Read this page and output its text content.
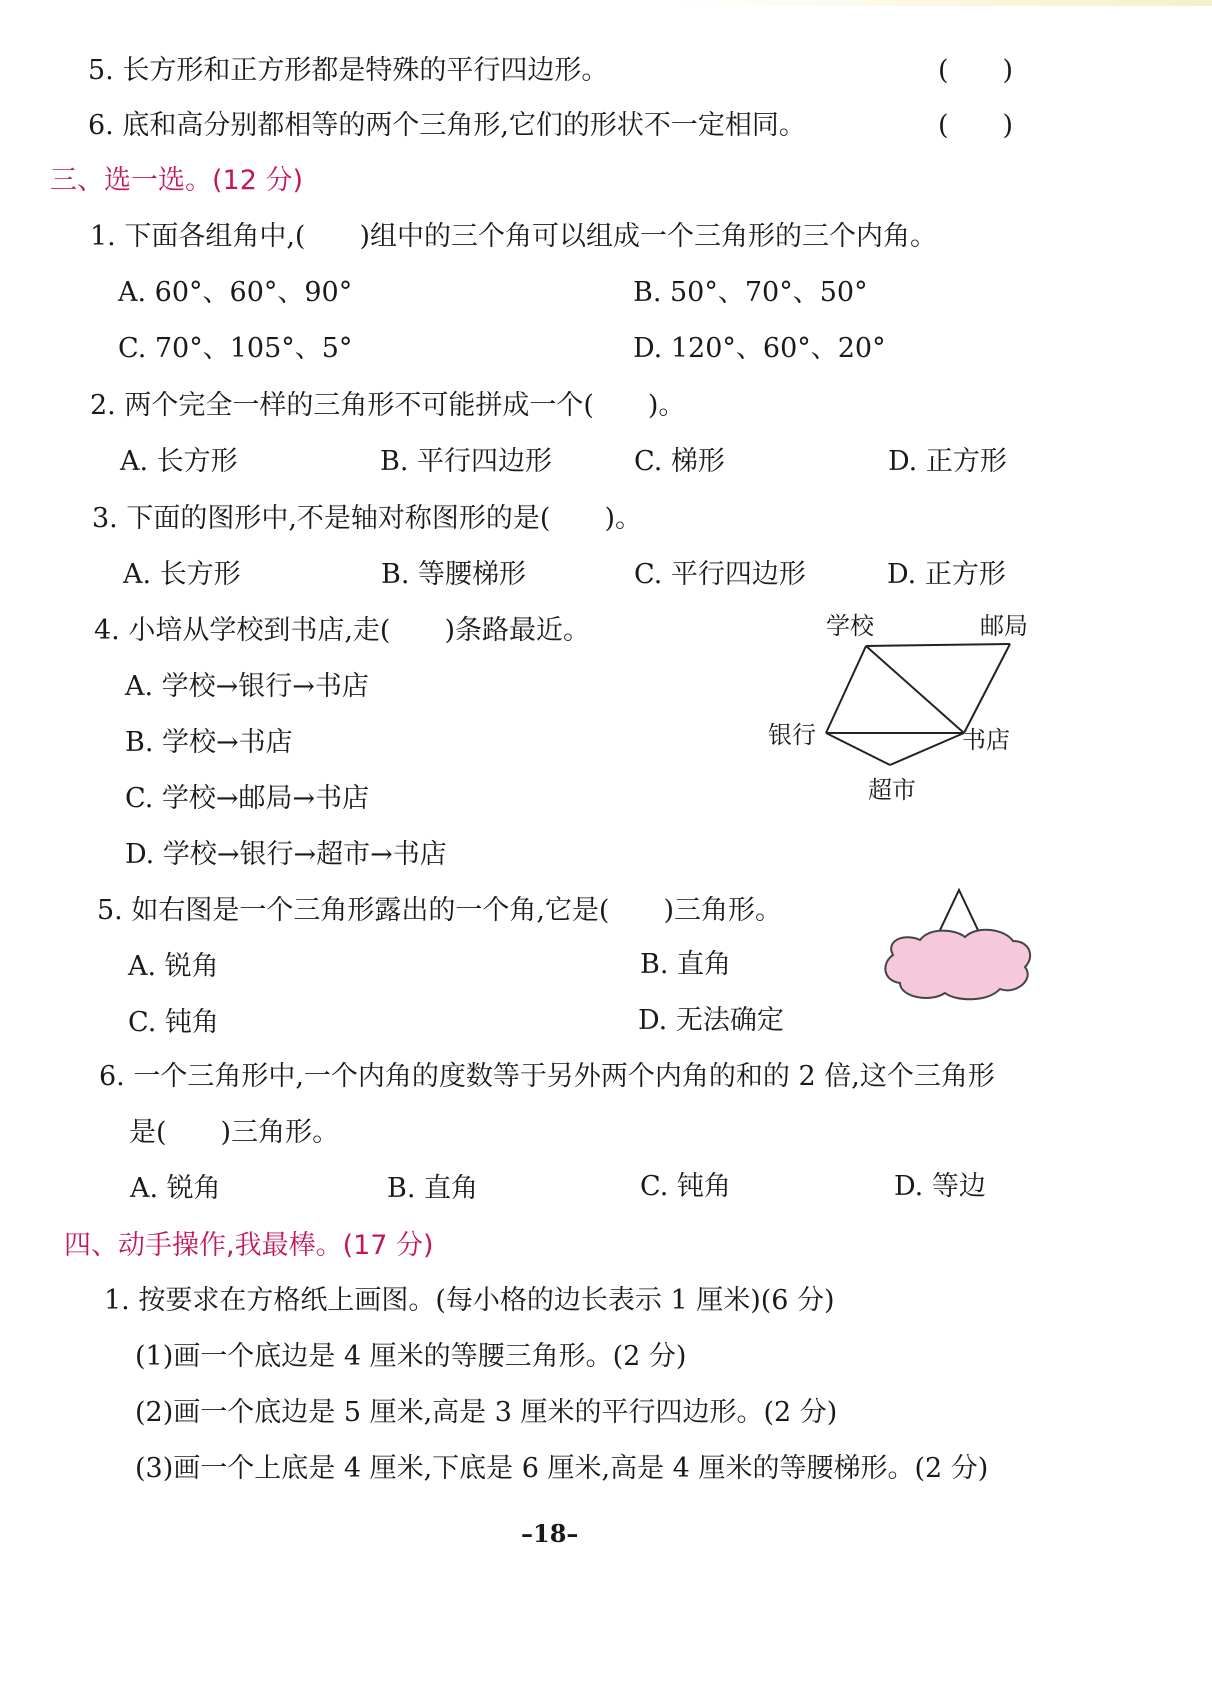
5. 长方形和正方形都是特殊的平行四边形。	(　　)
6. 底和高分别都相等的两个三角形,它们的形状不一定相同。	(　　)
三、选一选。(12 分)
1. 下面各组角中,(　　)组中的三个角可以组成一个三角形的三个内角。
A. 60°、60°、90°	B. 50°、70°、50°
C. 70°、105°、5°	D. 120°、60°、20°
2. 两个完全一样的三角形不可能拼成一个(　　)。
A. 长方形	B. 平行四边形	C. 梯形	D. 正方形
3. 下面的图形中,不是轴对称图形的是(　　)。
A. 长方形	B. 等腰梯形	C. 平行四边形	D. 正方形
4. 小培从学校到书店,走(　　)条路最近。
A. 学校→银行→书店
B. 学校→书店
C. 学校→邮局→书店
D. 学校→银行→超市→书店
学校	邮局
银行	书店
超市
5. 如右图是一个三角形露出的一个角,它是(　　)三角形。
A. 锐角	B. 直角
C. 钝角	D. 无法确定
6. 一个三角形中,一个内角的度数等于另外两个内角的和的 2 倍,这个三角形
是(　　)三角形。
A. 锐角	B. 直角	C. 钝角	D. 等边
四、动手操作,我最棒。(17 分)
1. 按要求在方格纸上画图。(每小格的边长表示 1 厘米)(6 分)
(1)画一个底边是 4 厘米的等腰三角形。(2 分)
(2)画一个底边是 5 厘米,高是 3 厘米的平行四边形。(2 分)
(3)画一个上底是 4 厘米,下底是 6 厘米,高是 4 厘米的等腰梯形。(2 分)
–18–
